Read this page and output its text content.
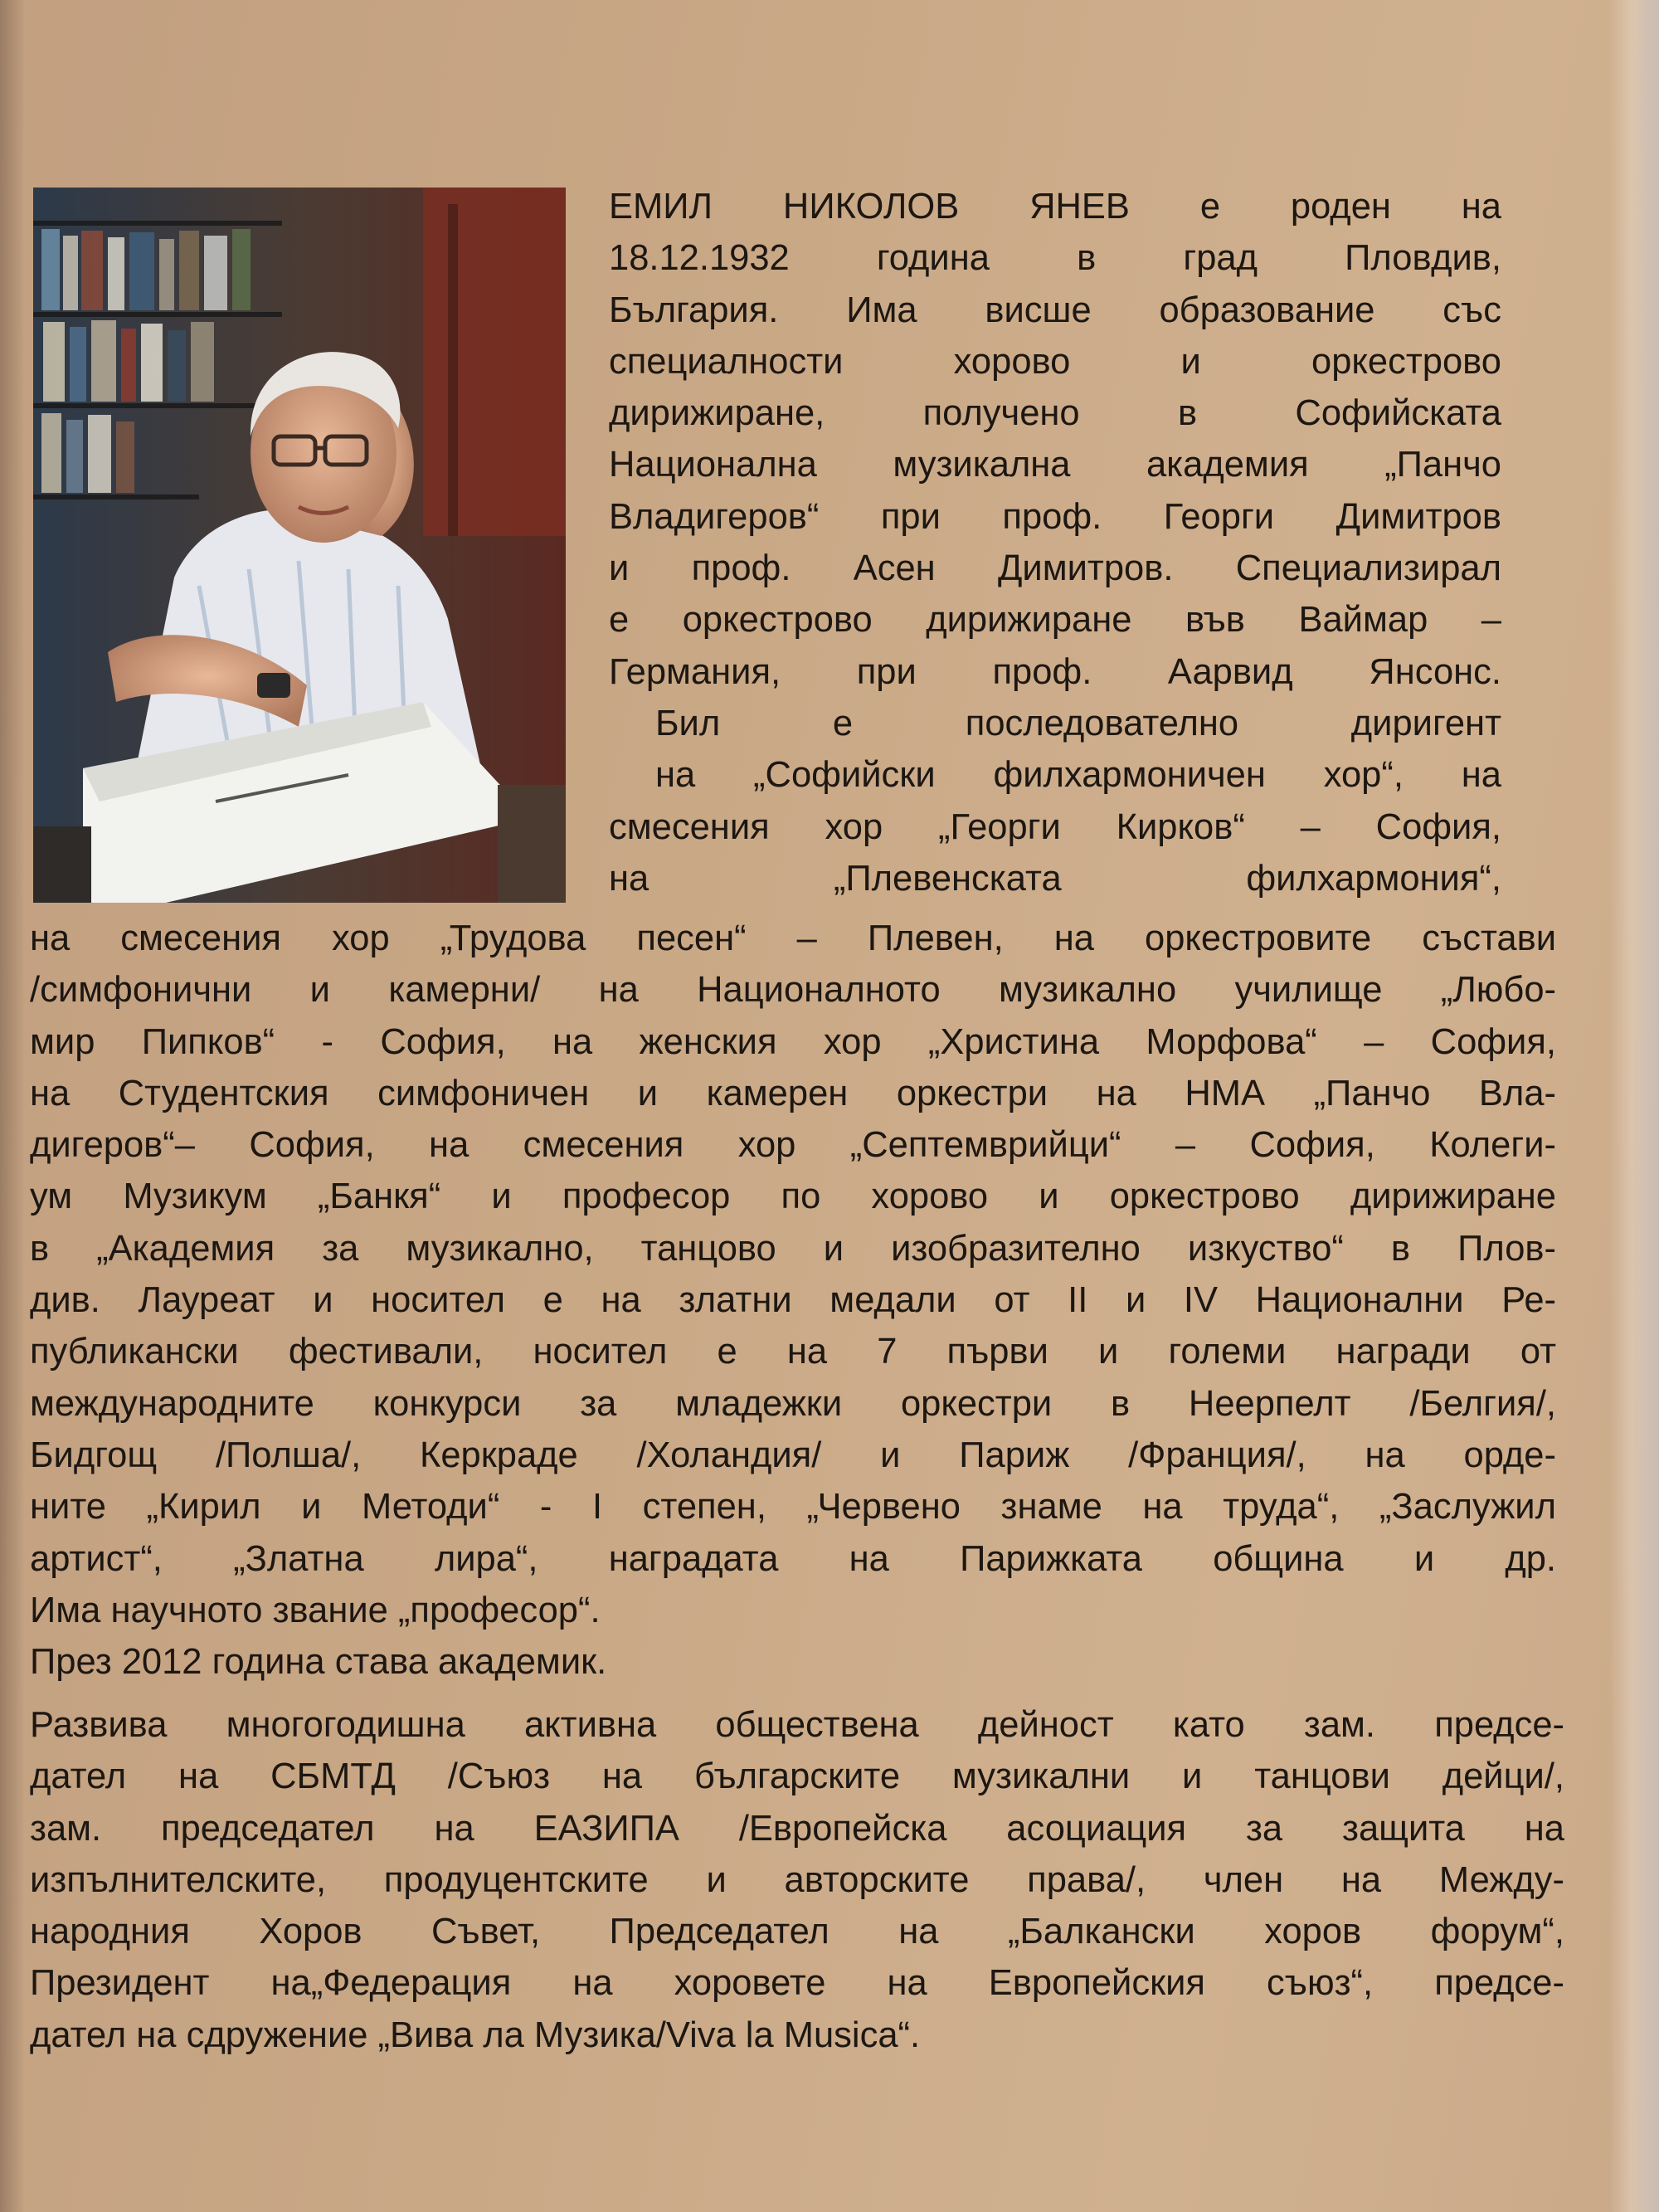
ЕМИЛ НИКОЛОВ ЯНЕВ е роден на
18.12.1932 година в град Пловдив,
България. Има висше образование със
специалности хорово и оркестрово
дирижиране, получено в Софийската
Национална музикална академия „Панчо
Владигеров“ при проф. Георги Димитров
и проф. Асен Димитров. Специализирал
е оркестрово дирижиране във Ваймар –
Германия, при проф. Аарвид Янсонс.
Бил е последователно диригент
на „Софийски филхармоничен хор“, на
смесения хор „Георги Кирков“ – София,
на „Плевенската филхармония“,
на смесения хор „Трудова песен“ – Плевен, на оркестровите състави
/симфонични и камерни/ на Националното музикално училище „Любо-
мир Пипков“ - София, на женския хор „Христина Морфова“ – София,
на Студентския симфоничен и камерен оркестри на НМА „Панчо Вла-
дигеров“– София, на смесения хор „Септемврийци“ – София, Колеги-
ум Музикум „Банкя“ и професор по хорово и оркестрово дирижиране
в „Академия за музикално, танцово и изобразително изкуство“ в Плов-
див. Лауреат и носител е на златни медали от II и IV Национални Ре-
публикански фестивали, носител е на 7 първи и големи награди от
международните конкурси за младежки оркестри в Неерпелт /Белгия/,
Бидгощ /Полша/, Керкраде /Холандия/ и Париж /Франция/, на орде-
ните „Кирил и Методи“ - I степен, „Червено знаме на труда“, „Заслужил
артист“, „Златна лира“, наградата на Парижката община и др.
Има научното звание „професор“.
През 2012 година става академик.
Развива многогодишна активна обществена дейност като зам. предсе-
дател на СБМТД /Съюз на българските музикални и танцови дейци/,
зам. председател на ЕАЗИПА /Европейска асоциация за защита на
изпълнителските, продуцентските и авторските права/, член на Между-
народния Хоров Съвет, Председател на „Балкански хоров форум“,
Президент на„Федерация на хоровете на Европейския съюз“, предсе-
дател на сдружение „Вива ла Музика/Viva la Musica“.
